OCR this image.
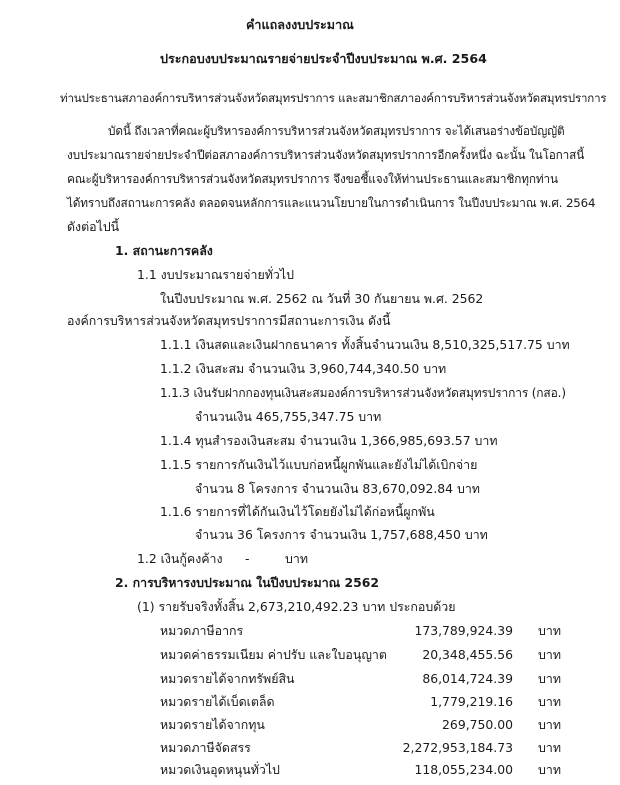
คำแถลงงบประมาณ
ประกอบงบประมาณรายจ่ายประจำปีงบประมาณ พ.ศ. 2564
ท่านประธานสภาองค์การบริหารส่วนจังหวัดสมุทรปราการ และสมาชิกสภาองค์การบริหารส่วนจังหวัดสมุทรปราการ
บัดนี้ ถึงเวลาที่คณะผู้บริหารองค์การบริหารส่วนจังหวัดสมุทรปราการ จะได้เสนอร่างข้อบัญญัติ
งบประมาณรายจ่ายประจำปีต่อสภาองค์การบริหารส่วนจังหวัดสมุทรปราการอีกครั้งหนึ่ง ฉะนั้น ในโอกาสนี้
คณะผู้บริหารองค์การบริหารส่วนจังหวัดสมุทรปราการ จึงขอชี้แจงให้ท่านประธานและสมาชิกทุกท่าน
ได้ทราบถึงสถานะการคลัง ตลอดจนหลักการและแนวนโยบายในการดำเนินการ ในปีงบประมาณ พ.ศ. 2564
ดังต่อไปนี้
1. สถานะการคลัง
1.1 งบประมาณรายจ่ายทั่วไป
ในปีงบประมาณ พ.ศ. 2562 ณ วันที่ 30 กันยายน พ.ศ. 2562
องค์การบริหารส่วนจังหวัดสมุทรปราการมีสถานะการเงิน ดังนี้
1.1.1 เงินสดและเงินฝากธนาคาร ทั้งสิ้นจำนวนเงิน 8,510,325,517.75 บาท
1.1.2 เงินสะสม จำนวนเงิน 3,960,744,340.50 บาท
1.1.3 เงินรับฝากกองทุนเงินสะสมองค์การบริหารส่วนจังหวัดสมุทรปราการ (กสอ.)
จำนวนเงิน 465,755,347.75 บาท
1.1.4 ทุนสำรองเงินสะสม จำนวนเงิน 1,366,985,693.57 บาท
1.1.5 รายการกันเงินไว้แบบก่อหนี้ผูกพันและยังไม่ได้เบิกจ่าย
จำนวน 8 โครงการ จำนวนเงิน 83,670,092.84 บาท
1.1.6 รายการที่ได้กันเงินไว้โดยยังไม่ได้ก่อหนี้ผูกพัน
จำนวน 36 โครงการ จำนวนเงิน 1,757,688,450 บาท
1.2 เงินกู้คงค้าง -	บาท
2. การบริหารงบประมาณ ในปีงบประมาณ 2562
(1) รายรับจริงทั้งสิ้น 2,673,210,492.23 บาท ประกอบด้วย
หมวดภาษีอากร	173,789,924.39 บาท
หมวดค่าธรรมเนียม ค่าปรับ และใบอนุญาต	20,348,455.56 บาท
หมวดรายได้จากทรัพย์สิน	86,014,724.39 บาท
หมวดรายได้เบ็ดเตล็ด	1,779,219.16 บาท
หมวดรายได้จากทุน	269,750.00 บาท
หมวดภาษีจัดสรร	2,272,953,184.73 บาท
หมวดเงินอุดหนุนทั่วไป	118,055,234.00 บาท
